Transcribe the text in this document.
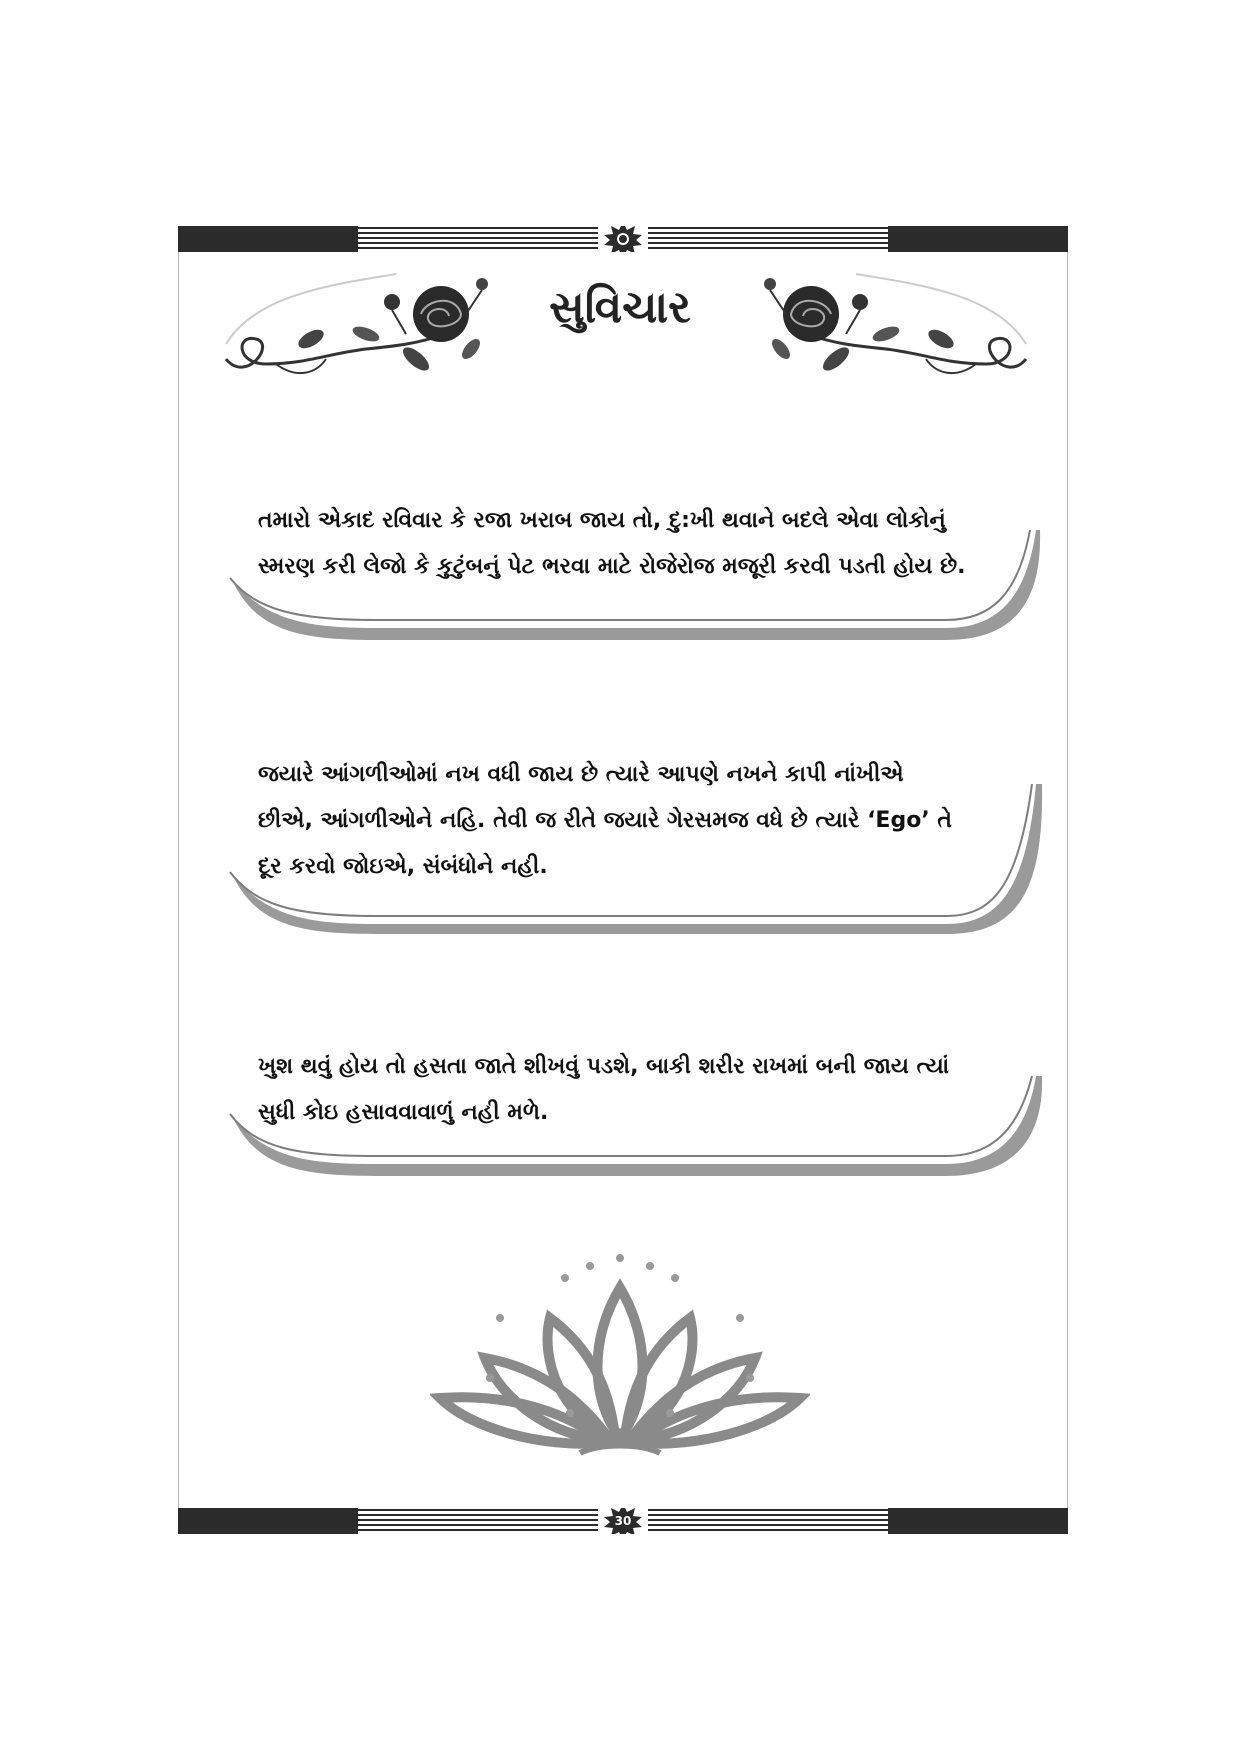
સુવિચાર

તમારો એકાદ રવિવાર કે રજા ખરાબ જાય તો, દુ:ખી થવાને બદલે એવા લોકોનું
સ્મરણ કરી લેજો કે કુટુંબનું પેટ ભરવા માટે રોજેરોજ મજૂરી કરવી પડતી હોય છે.

જયારે આંગળીઓમાં નખ વધી જાય છે ત્યારે આપણે નખને કાપી નાંખીએ
છીએ, આંગળીઓને નહિ. તેવી જ રીતે જયારે ગેરસમજ વધે છે ત્યારે ‘Ego’ તે
દૂર કરવો જોઇએ, સંબંધોને નહી.

ખુશ થવું હોય તો હસતા જાતે શીખવું પડશે, બાકી શરીર રાખમાં બની જાય ત્યાં
સુધી કોઇ હસાવવાવાળું નહી મળે.

30
